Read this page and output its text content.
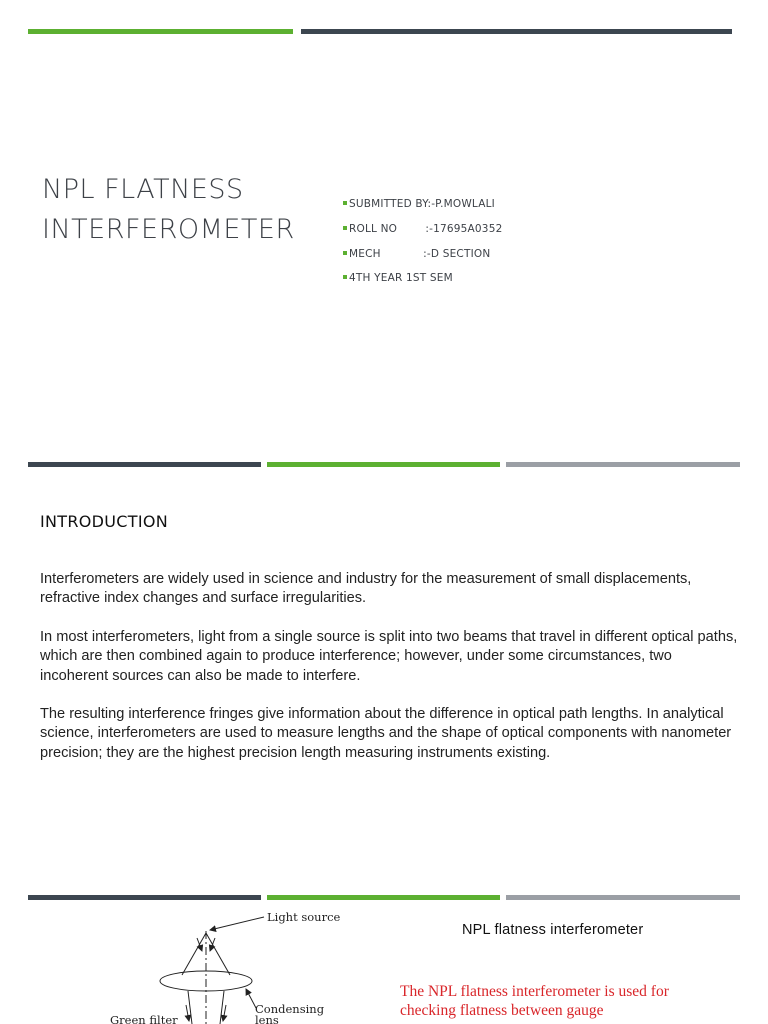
NPL FLATNESS
INTERFEROMETER
SUBMITTED BY:-P.MOWLALI
ROLL NO        :-17695A0352
MECH            :-D SECTION
4TH YEAR 1ST SEM
INTRODUCTION

Interferometers are widely used in science and industry for the measurement of small displacements, refractive index changes and surface irregularities.

In most interferometers, light from a single source is split into two beams that travel in different optical paths, which are then combined again to produce interference; however, under some circumstances, two incoherent sources can also be made to interfere.

The resulting interference fringes give information about the difference in optical path lengths. In analytical science, interferometers are used to measure lengths and the shape of optical components with nanometer precision; they are the highest precision length measuring instruments existing.

Light source
Condensing
lens
Green filter
NPL flatness interferometer
The NPL flatness interferometer is used for checking flatness between gauge
